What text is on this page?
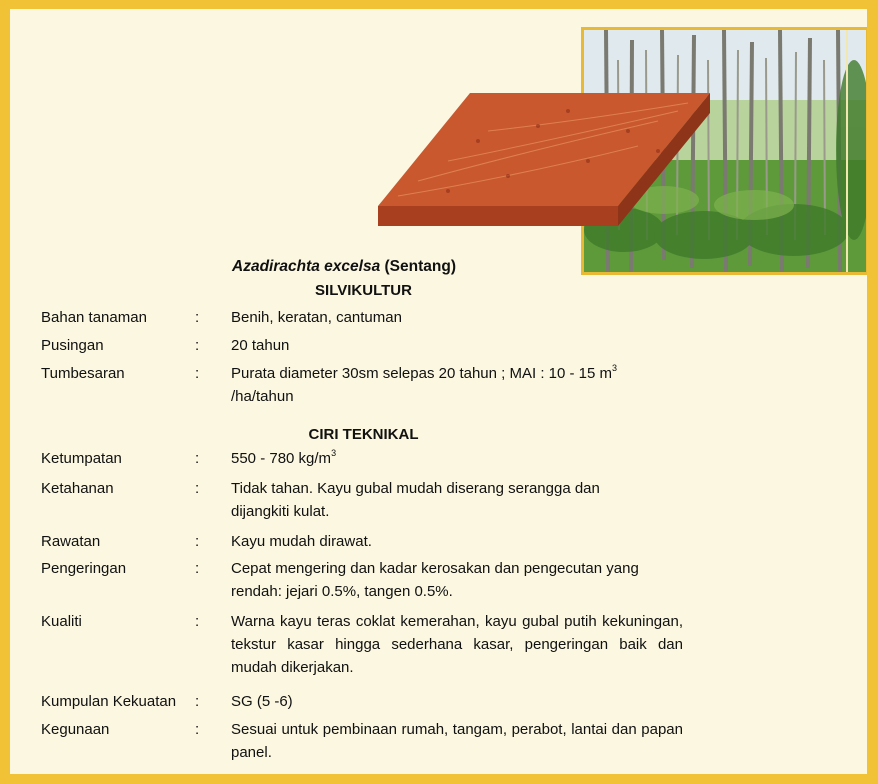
Azadirachta excelsa (Sentang)
SILVIKULTUR
Bahan tanaman	: Benih, keratan, cantuman
Pusingan	: 20 tahun
Tumbesaran	: Purata diameter 30sm selepas 20 tahun ; MAI : 10 - 15 $m^3$
/ha/tahun
CIRI TEKNIKAL
Ketumpatan	: 550 - 780 $kg/m^3$
Ketahanan	: Tidak tahan. Kayu gubal mudah diserang serangga dan dijangkiti kulat.
Rawatan	: Kayu mudah dirawat.
Pengeringan	: Cepat mengering dan kadar kerosakan dan pengecutan yang rendah: jejari 0.5%, tangen 0.5%.
Kualiti	: Warna kayu teras coklat kemerahan, kayu gubal putih kekuningan, tekstur kasar hingga sederhana kasar, pengeringan baik dan mudah dikerjakan.
Kumpulan Kekuatan : SG (5 -6)
Kegunaan	: Sesuai untuk pembinaan rumah, tangam, perabot, lantai dan papan panel.
